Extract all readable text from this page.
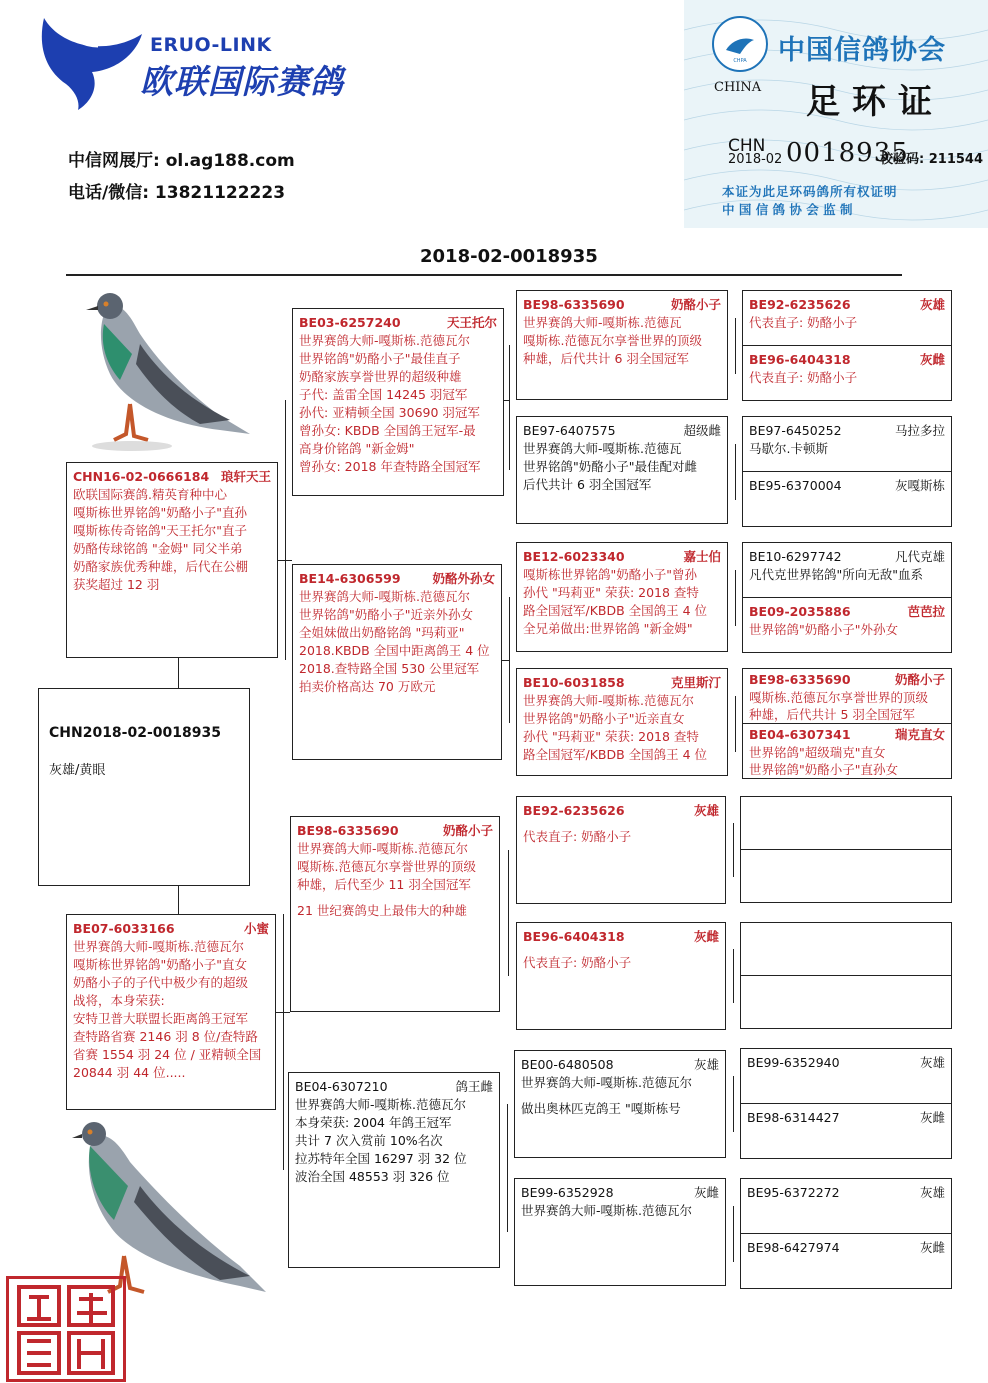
ERUO-LINK
欧联国际赛鸽
中信网展厅: ol.ag188.com
电话/微信: 13821122223
CHPA
CHINA
中国信鸽协会
足环证
CHN
2018-02 0018935
校验码: 211544
本证为此足环码鸽所有权证明
中 国 信 鸽 协 会 监 制
2018-02-0018935
CHN2018-02-0018935
灰雄/黄眼
CHN16-02-0666184 琅轩天王
欧联国际赛鸽.精英育种中心
嘎斯栋世界铭鸽"奶酪小子"直孙
嘎斯栋传奇铭鸽"天王托尔"直子
奶酪传球铭鸽 "金姆" 同父半弟
奶酪家族优秀种雄，后代在公棚
获奖超过 12 羽
BE07-6033166	小蜜
世界赛鸽大师-嘎斯栋.范德瓦尔
嘎斯栋世界铭鸽"奶酪小子"直女
奶酪小子的子代中极少有的超级
战将，本身荣获:
安特卫普大联盟长距离鸽王冠军
查特路省赛 2146 羽 8 位/查特路
省赛 1554 羽 24 位 / 亚精顿全国
20844 羽 44 位.....
BE03-6257240	天王托尔
世界赛鸽大师-嘎斯栋.范德瓦尔
世界铭鸽"奶酪小子"最佳直子
奶酪家族享誉世界的超级种雄
子代: 盖雷全国 14245 羽冠军
孙代: 亚精顿全国 30690 羽冠军
曾孙女: KBDB 全国鸽王冠军-最
高身价铭鸽 "新金姆"
曾孙女: 2018 年查特路全国冠军
BE14-6306599	奶酪外孙女
世界赛鸽大师-嘎斯栋.范德瓦尔
世界铭鸽"奶酪小子"近亲外孙女
全姐妹做出奶酪铭鸽 "玛莉亚"
2018.KBDB 全国中距离鸽王 4 位
2018.查特路全国 530 公里冠军
拍卖价格高达 70 万欧元
BE98-6335690	奶酪小子
世界赛鸽大师-嘎斯栋.范德瓦尔
嘎斯栋.范德瓦尔享誉世界的顶级
种雄，后代至少 11 羽全国冠军
21 世纪赛鸽史上最伟大的种雄
BE04-6307210	鸽王雌
世界赛鸽大师-嘎斯栋.范德瓦尔
本身荣获: 2004 年鸽王冠军
共计 7 次入赏前 10%名次
拉苏特年全国 16297 羽 32 位
波治全国 48553 羽 326 位
BE98-6335690	奶酪小子
世界赛鸽大师-嘎斯栋.范德瓦
嘎斯栋.范德瓦尔享誉世界的顶级
种雄，后代共计 6 羽全国冠军
BE97-6407575	超级雌
世界赛鸽大师-嘎斯栋.范德瓦
世界铭鸽"奶酪小子"最佳配对雌
后代共计 6 羽全国冠军
BE12-6023340	嘉士伯
嘎斯栋世界铭鸽"奶酪小子"曾孙
孙代 "玛莉亚" 荣获: 2018 查特
路全国冠军/KBDB 全国鸽王 4 位
全兄弟做出:世界铭鸽 "新金姆"
BE10-6031858	克里斯汀
世界赛鸽大师-嘎斯栋.范德瓦尔
世界铭鸽"奶酪小子"近亲直女
孙代 "玛莉亚" 荣获: 2018 查特
路全国冠军/KBDB 全国鸽王 4 位
BE92-6235626	灰雄
代表直子: 奶酪小子
BE96-6404318	灰雌
代表直子: 奶酪小子
BE00-6480508	灰雄
世界赛鸽大师-嘎斯栋.范德瓦尔
做出奥林匹克鸽王 "嘎斯栋号
BE99-6352928	灰雌
世界赛鸽大师-嘎斯栋.范德瓦尔
BE92-6235626	灰雄
代表直子: 奶酪小子
BE96-6404318	灰雌
代表直子: 奶酪小子
BE97-6450252	马拉多拉
马歇尔.卡顿斯
BE95-6370004	灰嘎斯栋
BE10-6297742	凡代克雄
凡代克世界铭鸽"所向无敌"血系
BE09-2035886	芭芭拉
世界铭鸽"奶酪小子"外孙女
BE98-6335690	奶酪小子
嘎斯栋.范德瓦尔享誉世界的顶级
种雄，后代共计 5 羽全国冠军
BE04-6307341	瑞克直女
世界铭鸽"超级瑞克"直女
世界铭鸽"奶酪小子"直孙女
BE99-6352940	灰雄
BE98-6314427	灰雌
BE95-6372272	灰雄
BE98-6427974	灰雌
